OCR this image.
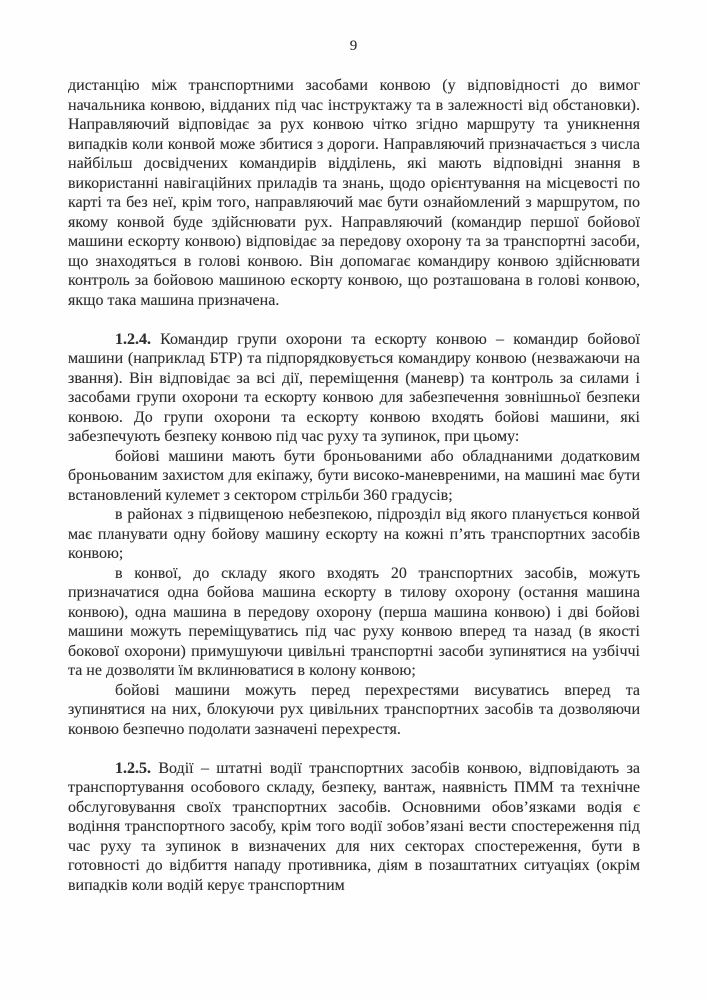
9

дистанцію між транспортними засобами конвою (у відповідності до вимог начальника конвою, відданих під час інструктажу та в залежності від обстановки). Направляючий відповідає за рух конвою чітко згідно маршруту та уникнення випадків коли конвой може збитися з дороги. Направляючий призначається з числа найбільш досвідчених командирів відділень, які мають відповідні знання в використанні навігаційних приладів та знань, щодо орієнтування на місцевості по карті та без неї, крім того, направляючий має бути ознайомлений з маршрутом, по якому конвой буде здійснювати рух. Направляючий (командир першої бойової машини ескорту конвою) відповідає за передову охорону та за транспортні засоби, що знаходяться в голові конвою. Він допомагає командиру конвою здійснювати контроль за бойовою машиною ескорту конвою, що розташована в голові конвою, якщо така машина призначена.

1.2.4. Командир групи охорони та ескорту конвою – командир бойової машини (наприклад БТР) та підпорядковується командиру конвою (незважаючи на звання). Він відповідає за всі дії, переміщення (маневр) та контроль за силами і засобами групи охорони та ескорту конвою для забезпечення зовнішньої безпеки конвою. До групи охорони та ескорту конвою входять бойові машини, які забезпечують безпеку конвою під час руху та зупинок, при цьому:

бойові машини мають бути броньованими або обладнаними додатковим броньованим захистом для екіпажу, бути високо-маневреними, на машині має бути встановлений кулемет з сектором стрільби 360 градусів;

в районах з підвищеною небезпекою, підрозділ від якого планується конвой має планувати одну бойову машину ескорту на кожні п’ять транспортних засобів конвою;

в конвої, до складу якого входять 20 транспортних засобів, можуть призначатися одна бойова машина ескорту в тилову охорону (остання машина конвою), одна машина в передову охорону (перша машина конвою) і дві бойові машини можуть переміщуватись під час руху конвою вперед та назад (в якості бокової охорони) примушуючи цивільні транспортні засоби зупинятися на узбіччі та не дозволяти їм вклинюватися в колону конвою;

бойові машини можуть перед перехрестями висуватись вперед та зупинятися на них, блокуючи рух цивільних транспортних засобів та дозволяючи конвою безпечно подолати зазначені перехрестя.

1.2.5. Водії – штатні водії транспортних засобів конвою, відповідають за транспортування особового складу, безпеку, вантаж, наявність ПММ та технічне обслуговування своїх транспортних засобів. Основними обов’язками водія є водіння транспортного засобу, крім того водії зобов’язані вести спостереження під час руху та зупинок в визначених для них секторах спостереження, бути в готовності до відбиття нападу противника, діям в позаштатних ситуаціях (окрім випадків коли водій керує транспортним
